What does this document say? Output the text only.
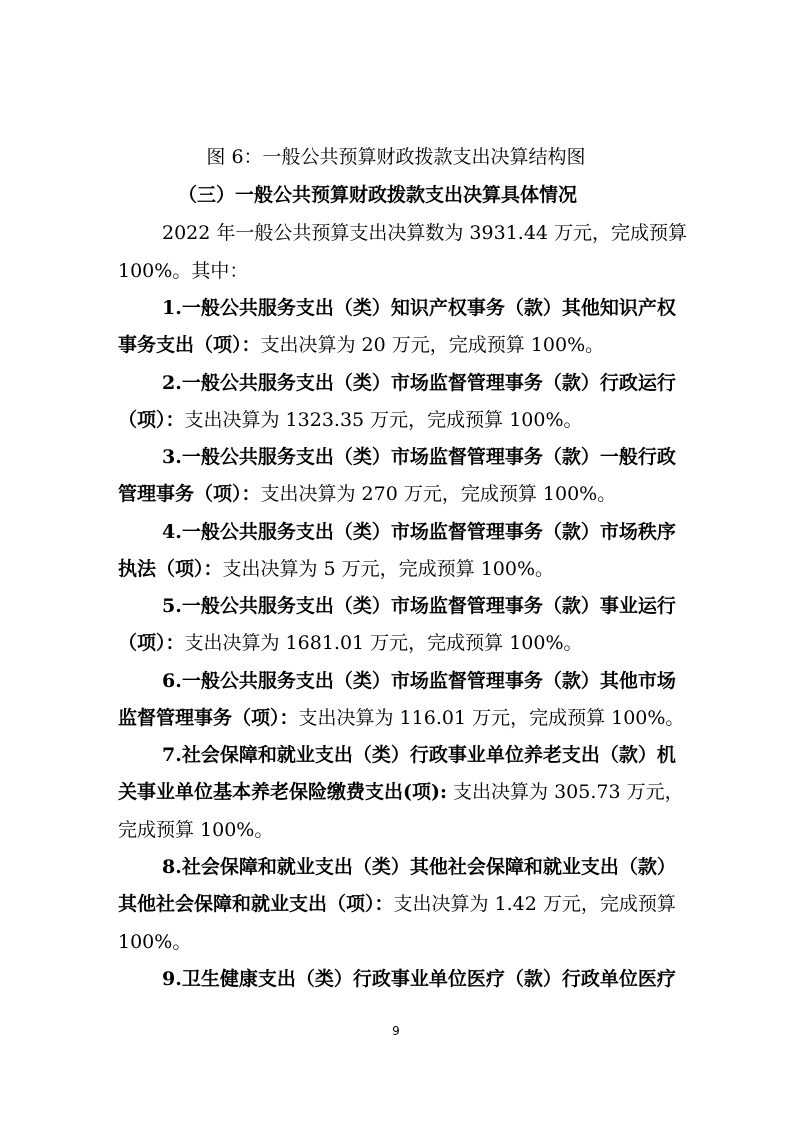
图 6：一般公共预算财政拨款支出决算结构图
（三）一般公共预算财政拨款支出决算具体情况
2022 年一般公共预算支出决算数为 3931.44 万元，完成预算
100%。其中：
1.一般公共服务支出（类）知识产权事务（款）其他知识产权
事务支出（项）：支出决算为 20 万元，完成预算 100%。
2.一般公共服务支出（类）市场监督管理事务（款）行政运行
（项）：支出决算为 1323.35 万元，完成预算 100%。
3.一般公共服务支出（类）市场监督管理事务（款）一般行政
管理事务（项）：支出决算为 270 万元，完成预算 100%。
4.一般公共服务支出（类）市场监督管理事务（款）市场秩序
执法（项）：支出决算为 5 万元，完成预算 100%。
5.一般公共服务支出（类）市场监督管理事务（款）事业运行
（项）：支出决算为 1681.01 万元，完成预算 100%。
6.一般公共服务支出（类）市场监督管理事务（款）其他市场
监督管理事务（项）：支出决算为 116.01 万元，完成预算 100%。
7.社会保障和就业支出（类）行政事业单位养老支出（款）机
关事业单位基本养老保险缴费支出(项): 支出决算为 305.73 万元，
完成预算 100%。
8.社会保障和就业支出（类）其他社会保障和就业支出（款）
其他社会保障和就业支出（项）：支出决算为 1.42 万元，完成预算
100%。
9.卫生健康支出（类）行政事业单位医疗（款）行政单位医疗
9
